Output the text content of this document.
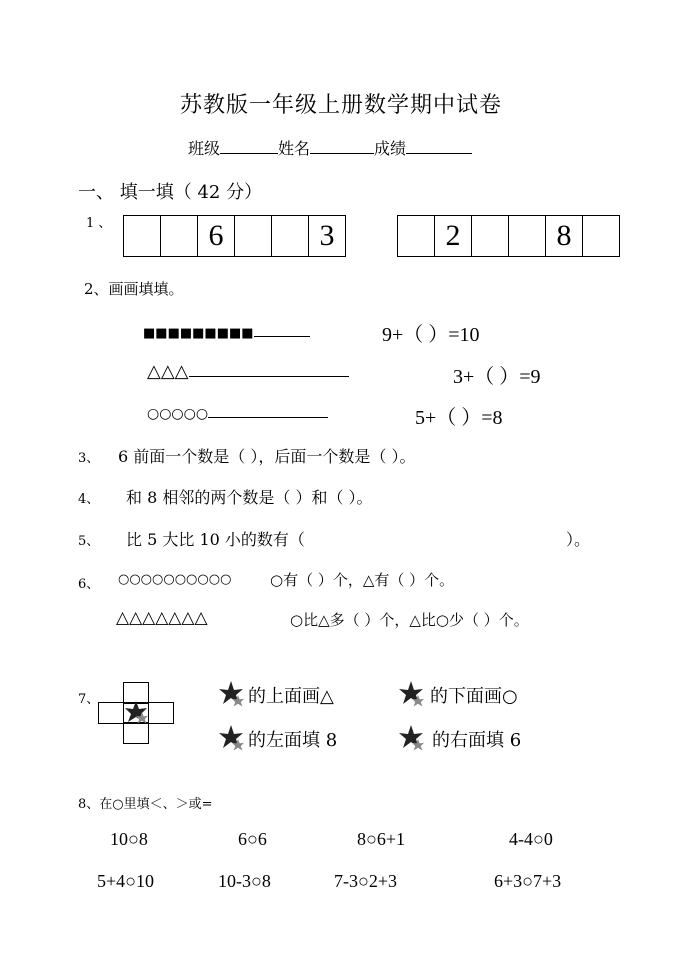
苏教版一年级上册数学期中试卷
班级	姓名	成绩
一、 填一填（ 42 分）
1 、	6	3	2	8
2、画画填填。
■■■■■■■■■	9+（ ）=10
△△△	3+（ ）=9
○○○○○	5+（ ）=8
3、 6 前面一个数是（ ），后面一个数是（ ）。
4、 和 8 相邻的两个数是（ ）和（ ）。
5、 比 5 大比 10 小的数有（	）。
6、 ○○○○○○○○○○	○有（ ）个，△有（ ）个。
△△△△△△△	○比△多（ ）个，△比○少（ ）个。
7、	的上面画△	的下面画○
的左面填 8	的右面填 6
8、在○里填＜、＞或=
10○8	6○6	8○6+1	4-4○0
5+4○10	10-3○8	7-3○2+3	6+3○7+3
